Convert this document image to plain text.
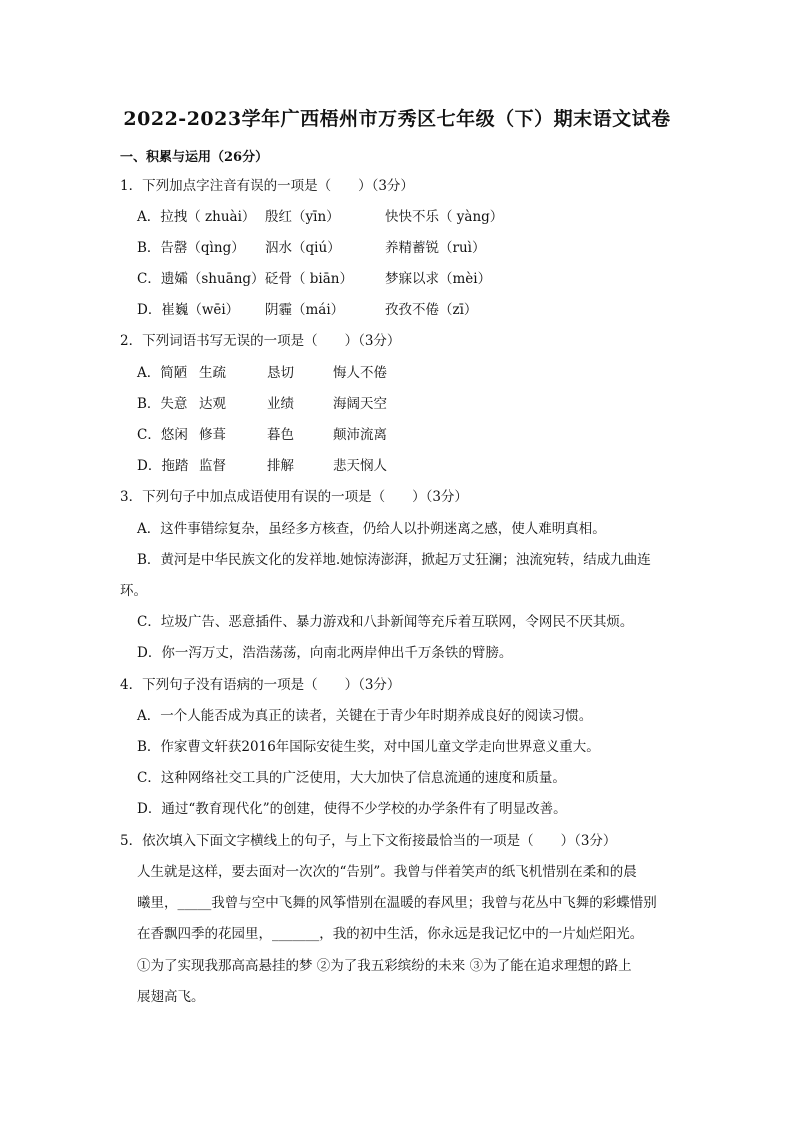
2022-2023学年广西梧州市万秀区七年级（下）期末语文试卷
一、积累与运用（26分）
1．下列加点字注音有误的一项是（　　）（3分）
A．拉拽（ zhuài） 殷红（yīn）	快快不乐（ yàng）
B．告罄（qìng） 泅水（qiú）	养精蓄锐（ruì）
C．遗孀（shuāng）砭骨（ biān） 梦寐以求（mèi）
D．崔巍（wēi） 阴霾（mái）	孜孜不倦（zī）
2．下列词语书写无误的一项是（　　）（3分）
A．简陋 生疏	恳切	悔人不倦
B．失意 达观	业绩	海阔天空
C．悠闲 修葺	暮色	颠沛流离
D．拖踏 监督	排解	悲天悯人
3．下列句子中加点成语使用有误的一项是（　　）（3分）
A．这件事错综复杂，虽经多方核查，仍给人以扑朔迷离之感，使人难明真相。
B．黄河是中华民族文化的发祥地.她惊涛澎湃，掀起万丈狂澜；浊流宛转，结成九曲连
环。
C．垃圾广告、恶意插件、暴力游戏和八卦新闻等充斥着互联网，令网民不厌其烦。
D．你一泻万丈，浩浩荡荡，向南北两岸伸出千万条铁的臂膀。
4．下列句子没有语病的一项是（　　）（3分）
A．一个人能否成为真正的读者，关键在于青少年时期养成良好的阅读习惯。
B．作家曹文轩获2016年国际安徒生奖，对中国儿童文学走向世界意义重大。
C．这种网络社交工具的广泛使用，大大加快了信息流通的速度和质量。
D．通过“教育现代化”的创建，使得不少学校的办学条件有了明显改善。
5．依次填入下面文字横线上的句子，与上下文衔接最恰当的一项是（　　）（3分）
人生就是这样，要去面对一次次的“告别”。我曾与伴着笑声的纸飞机惜别在柔和的晨
曦里，_____我曾与空中飞舞的风筝惜别在温暖的春风里；我曾与花丛中飞舞的彩蝶惜别
在香飘四季的花园里，_______，我的初中生活，你永远是我记忆中的一片灿烂阳光。
①为了实现我那高高悬挂的梦 ②为了我五彩缤纷的未来 ③为了能在追求理想的路上
展翅高飞。
